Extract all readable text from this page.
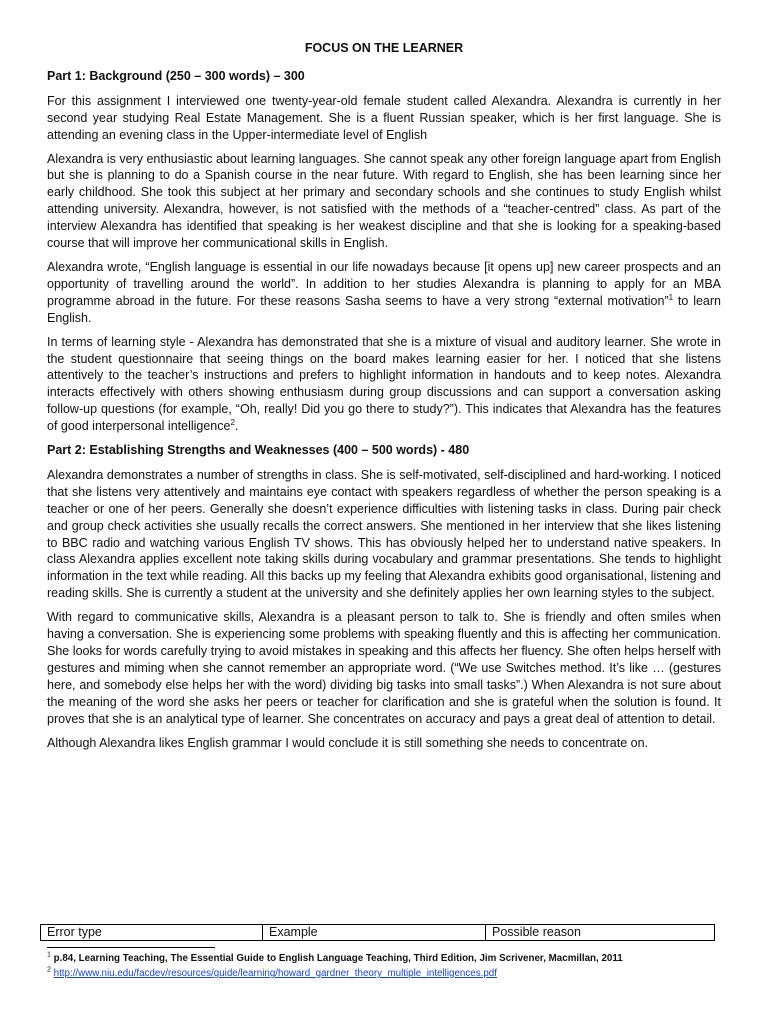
FOCUS ON THE LEARNER
Part 1: Background (250 – 300 words) – 300

For this assignment I interviewed one twenty-year-old female student called Alexandra. Alexandra is currently in her second year studying Real Estate Management. She is a fluent Russian speaker, which is her first language. She is attending an evening class in the Upper-intermediate level of English

Alexandra is very enthusiastic about learning languages. She cannot speak any other foreign language apart from English but she is planning to do a Spanish course in the near future. With regard to English, she has been learning since her early childhood. She took this subject at her primary and secondary schools and she continues to study English whilst attending university. Alexandra, however, is not satisfied with the methods of a “teacher-centred” class. As part of the interview Alexandra has identified that speaking is her weakest discipline and that she is looking for a speaking-based course that will improve her communicational skills in English.

Alexandra wrote, “English language is essential in our life nowadays because [it opens up] new career prospects and an opportunity of travelling around the world”. In addition to her studies Alexandra is planning to apply for an MBA programme abroad in the future. For these reasons Sasha seems to have a very strong “external motivation”$^1$ to learn English.

In terms of learning style - Alexandra has demonstrated that she is a mixture of visual and auditory learner. She wrote in the student questionnaire that seeing things on the board makes learning easier for her. I noticed that she listens attentively to the teacher’s instructions and prefers to highlight information in handouts and to keep notes. Alexandra interacts effectively with others showing enthusiasm during group discussions and can support a conversation asking follow-up questions (for example, “Oh, really! Did you go there to study?”). This indicates that Alexandra has the features of good interpersonal intelligence$^2$.

Part 2: Establishing Strengths and Weaknesses (400 – 500 words) - 480

Alexandra demonstrates a number of strengths in class. She is self-motivated, self-disciplined and hard-working. I noticed that she listens very attentively and maintains eye contact with speakers regardless of whether the person speaking is a teacher or one of her peers. Generally she doesn’t experience difficulties with listening tasks in class. During pair check and group check activities she usually recalls the correct answers. She mentioned in her interview that she likes listening to BBC radio and watching various English TV shows. This has obviously helped her to understand native speakers. In class Alexandra applies excellent note taking skills during vocabulary and grammar presentations. She tends to highlight information in the text while reading. All this backs up my feeling that Alexandra exhibits good organisational, listening and reading skills. She is currently a student at the university and she definitely applies her own learning styles to the subject.

With regard to communicative skills, Alexandra is a pleasant person to talk to. She is friendly and often smiles when having a conversation. She is experiencing some problems with speaking fluently and this is affecting her communication. She looks for words carefully trying to avoid mistakes in speaking and this affects her fluency. She often helps herself with gestures and miming when she cannot remember an appropriate word. (“We use Switches method. It’s like … (gestures here, and somebody else helps her with the word) dividing big tasks into small tasks”.) When Alexandra is not sure about the meaning of the word she asks her peers or teacher for clarification and she is grateful when the solution is found. It proves that she is an analytical type of learner. She concentrates on accuracy and pays a great deal of attention to detail.

Although Alexandra likes English grammar I would conclude it is still something she needs to concentrate on.

Error type	Example	Possible reason
$^1$ p.84, Learning Teaching, The Essential Guide to English Language Teaching, Third Edition, Jim Scrivener, Macmillan, 2011
$^2$ http://www.niu.edu/facdev/resources/guide/learning/howard_gardner_theory_multiple_intelligences.pdf
